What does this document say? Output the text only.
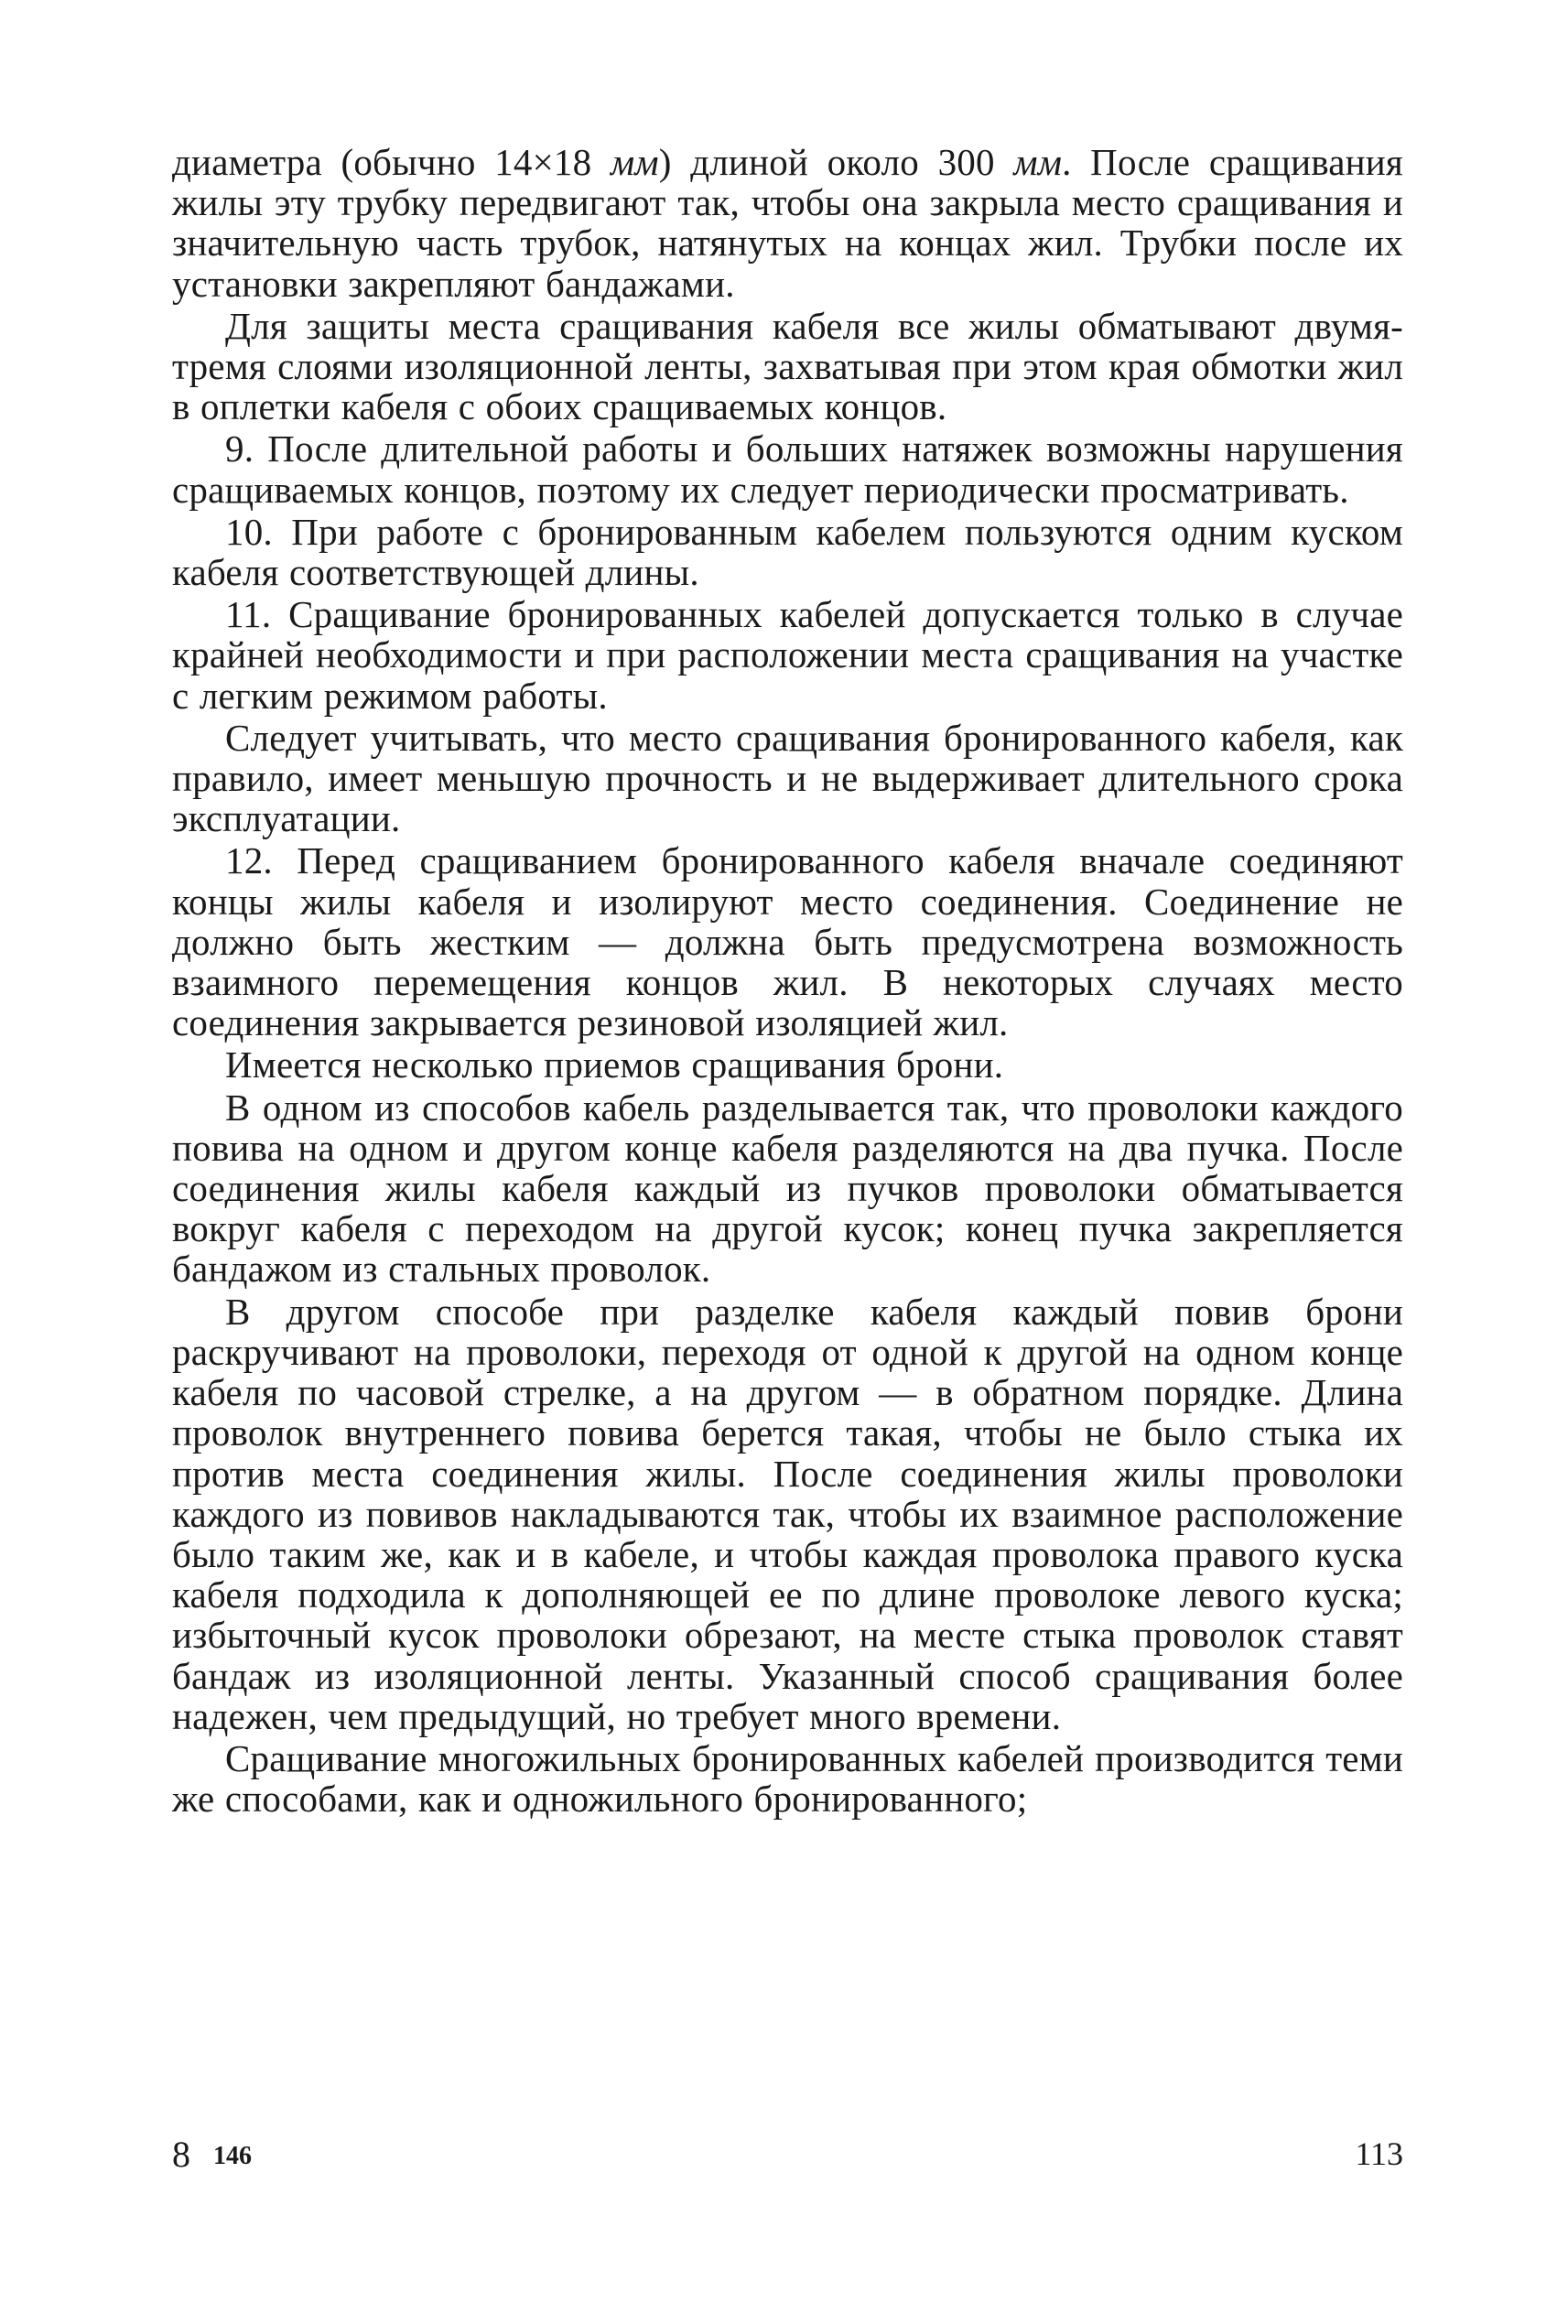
диаметра (обычно 14×18 мм) длиной около 300 мм. После сращивания жилы эту трубку передвигают так, чтобы она закрыла место сращивания и значительную часть трубок, натянутых на концах жил. Трубки после их установки закрепляют бандажами.

Для защиты места сращивания кабеля все жилы обматывают двумя-тремя слоями изоляционной ленты, захватывая при этом края обмотки жил в оплетки кабеля с обоих сращиваемых концов.

9. После длительной работы и больших натяжек возможны нарушения сращиваемых концов, поэтому их следует периодически просматривать.

10. При работе с бронированным кабелем пользуются одним куском кабеля соответствующей длины.

11. Сращивание бронированных кабелей допускается только в случае крайней необходимости и при расположении места сращивания на участке с легким режимом работы.

Следует учитывать, что место сращивания бронированного кабеля, как правило, имеет меньшую прочность и не выдерживает длительного срока эксплуатации.

12. Перед сращиванием бронированного кабеля вначале соединяют концы жилы кабеля и изолируют место соединения. Соединение не должно быть жестким — должна быть предусмотрена возможность взаимного перемещения концов жил. В некоторых случаях место соединения закрывается резиновой изоляцией жил.

Имеется несколько приемов сращивания брони.

В одном из способов кабель разделывается так, что проволоки каждого повива на одном и другом конце кабеля разделяются на два пучка. После соединения жилы кабеля каждый из пучков проволоки обматывается вокруг кабеля с переходом на другой кусок; конец пучка закрепляется бандажом из стальных проволок.

В другом способе при разделке кабеля каждый повив брони раскручивают на проволоки, переходя от одной к другой на одном конце кабеля по часовой стрелке, а на другом — в обратном порядке. Длина проволок внутреннего повива берется такая, чтобы не было стыка их против места соединения жилы. После соединения жилы проволоки каждого из повивов накладываются так, чтобы их взаимное расположение было таким же, как и в кабеле, и чтобы каждая проволока правого куска кабеля подходила к дополняющей ее по длине проволоке левого куска; избыточный кусок проволоки обрезают, на месте стыка проволок ставят бандаж из изоляционной ленты. Указанный способ сращивания более надежен, чем предыдущий, но требует много времени.

Сращивание многожильных бронированных кабелей производится теми же способами, как и одножильного бронированного;

8 146	113
